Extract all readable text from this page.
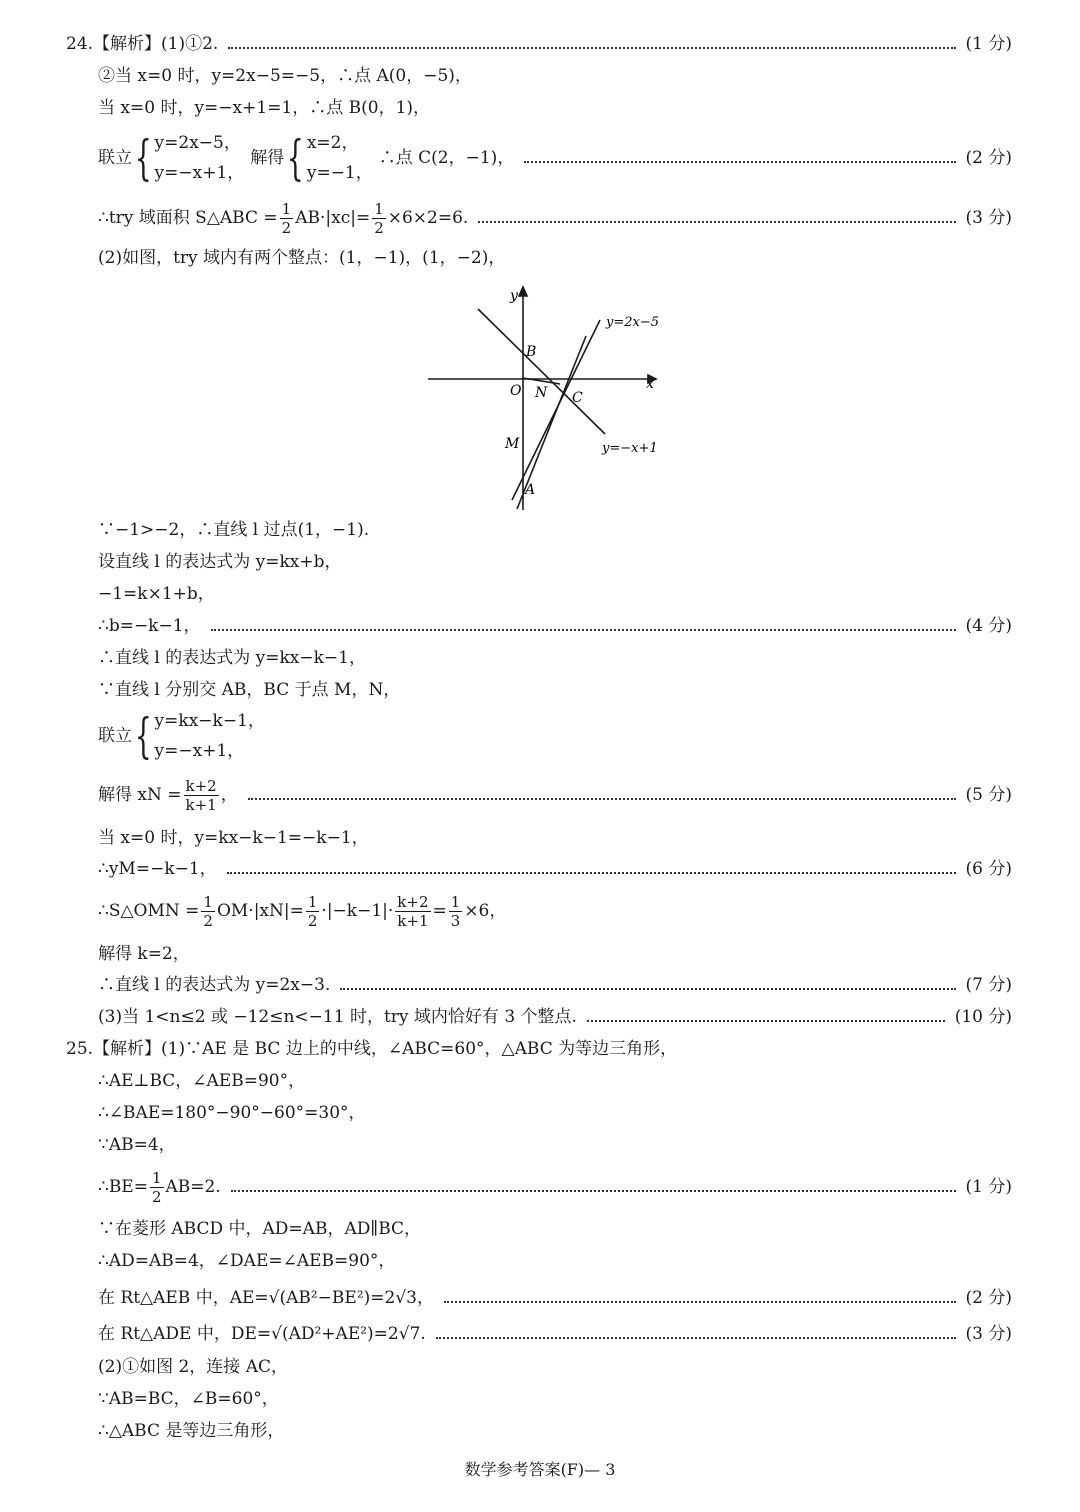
24.【解析】(1)①2.	(1 分)
②当 x=0 时，y=2x−5=−5，∴点 A(0，−5)，
当 x=0 时，y=−x+1=1，∴点 B(0，1)，
联立 { y=2x−5，
y=−x+1，
解得 { x=2，
y=−1，
∴点 C(2，−1)，	(2 分)
∴try 域面积 S△ABC = $\frac{1}{2} AB\cdot|xc|= \frac{1}{2} \times 6\times 2=6$.	(3 分)
(2)如图，try 域内有两个整点：(1，−1)，(1，−2)，
y
x
O
B
N C
M
A
y=2x−5
y=−x+1
∵−1>−2，∴直线 l 过点(1，−1).
设直线 l 的表达式为 y=kx+b，
−1=k×1+b，
∴b=−k−1，	(4 分)
∴直线 l 的表达式为 y=kx−k−1，
∵直线 l 分别交 AB，BC 于点 M，N，
联立 { y=kx−k−1，
y=−x+1，
解得 xN = $\frac{k+2}{k+1}$ ，	(5 分)
当 x=0 时，y=kx−k−1=−k−1，
∴yM=−k−1，	(6 分)
∴S△OMN = $\frac{1}{2} OM\cdot|xN|= \frac{1}{2} \cdot|-k-1|\cdot \frac{k+2}{k+1} = \frac{1}{3} \times 6$，
解得 k=2，
∴直线 l 的表达式为 y=2x−3.	(7 分)
(3)当 1<n≤2 或 −12≤n<−11 时，try 域内恰好有 3 个整点.	(10 分)
25.【解析】(1)∵AE 是 BC 边上的中线，∠ABC=60°，△ABC 为等边三角形，
∴AE⊥BC，∠AEB=90°，
∴∠BAE=180°−90°−60°=30°，
∵AB=4，
∴BE= $\frac{1}{2} AB=2$.	(1 分)
∵在菱形 ABCD 中，AD=AB，AD∥BC，
∴AD=AB=4，∠DAE=∠AEB=90°，
在 Rt△AEB 中，AE=√(AB²−BE²)=2√3，	(2 分)
在 Rt△ADE 中，DE=√(AD²+AE²)=2√7.	(3 分)
(2)①如图 2，连接 AC，
∵AB=BC，∠B=60°，
∴△ABC 是等边三角形，
数学参考答案(F)— 3
